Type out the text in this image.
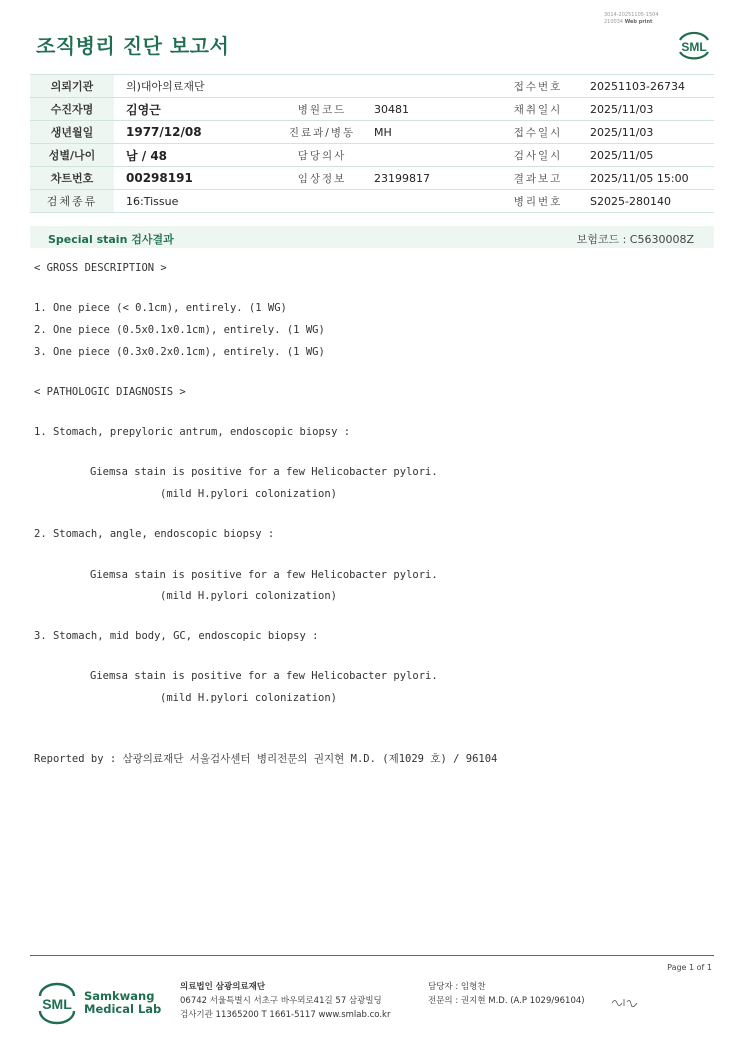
조직병리 진단 보고서
3014-20251105-1504
210034 Web print
SML
의뢰기관	의)대아의료재단			접수번호	20251103-26734
수진자명	김영근	병원코드	30481	채취일시	2025/11/03
생년월일	1977/12/08	진료과/병동	MH	접수일시	2025/11/03
성별/나이	남 / 48	담당의사		검사일시	2025/11/05
차트번호	00298191	임상정보	23199817	결과보고	2025/11/05 15:00
검체종류	16:Tissue			병리번호	S2025-280140
Special stain 검사결과	보험코드 : C5630008Z
< GROSS DESCRIPTION >
1. One piece (< 0.1cm), entirely. (1 WG)
2. One piece (0.5x0.1x0.1cm), entirely. (1 WG)
3. One piece (0.3x0.2x0.1cm), entirely. (1 WG)
< PATHOLOGIC DIAGNOSIS >
1. Stomach, prepyloric antrum, endoscopic biopsy :
Giemsa stain is positive for a few Helicobacter pylori.
(mild H.pylori colonization)
2. Stomach, angle, endoscopic biopsy :
Giemsa stain is positive for a few Helicobacter pylori.
(mild H.pylori colonization)
3. Stomach, mid body, GC, endoscopic biopsy :
Giemsa stain is positive for a few Helicobacter pylori.
(mild H.pylori colonization)
Reported by : 삼광의료재단 서울검사센터 병리전문의 권지현 M.D. (제1029 호) / 96104
Page 1 of 1
SML Samkwang
Medical Lab
의료법인 삼광의료재단
06742 서울특별시 서초구 바우뫼로41길 57 삼광빌딩
검사기관 11365200 T 1661-5117 www.smlab.co.kr
담당자 : 임형찬
전문의 : 권지현 M.D. (A.P 1029/96104)
